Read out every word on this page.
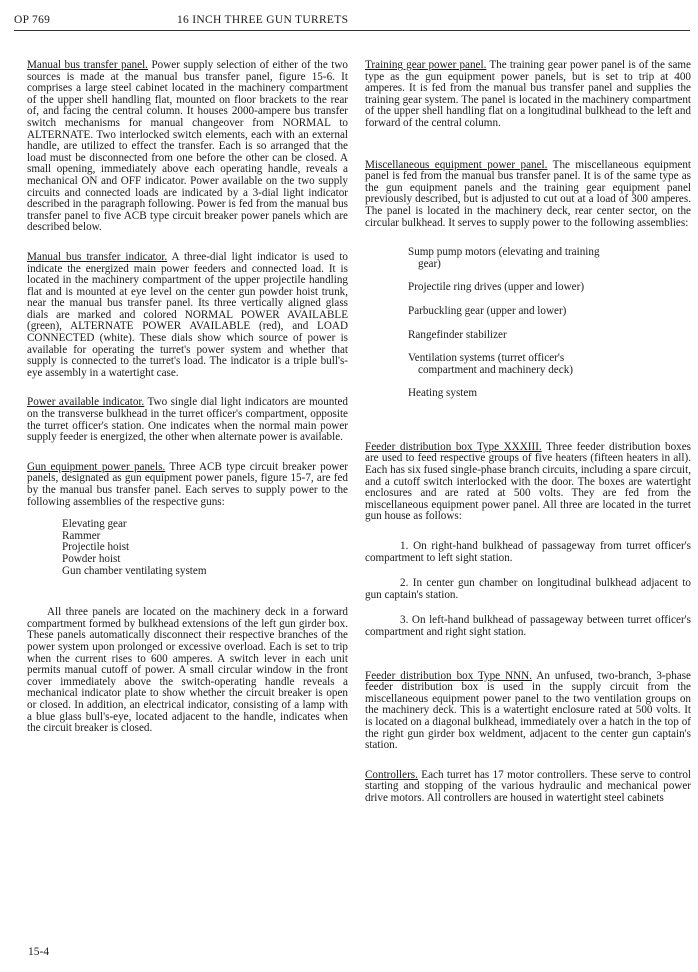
OP 769	16 INCH THREE GUN TURRETS

Manual bus transfer panel. Power supply selection of either of the two sources is made at the manual bus transfer panel, figure 15-6. It comprises a large steel cabinet located in the machinery compartment of the upper shell handling flat, mounted on floor brackets to the rear of, and facing the central column. It houses 2000-ampere bus transfer switch mechanisms for manual changeover from NORMAL to ALTERNATE. Two interlocked switch elements, each with an external handle, are utilized to effect the transfer. Each is so arranged that the load must be disconnected from one before the other can be closed. A small opening, immediately above each operating handle, reveals a mechanical ON and OFF indicator. Power available on the two supply circuits and connected loads are indicated by a 3-dial light indicator described in the paragraph following. Power is fed from the manual bus transfer panel to five ACB type circuit breaker power panels which are described below.

Manual bus transfer indicator. A three-dial light indicator is used to indicate the energized main power feeders and connected load. It is located in the machinery compartment of the upper projectile handling flat and is mounted at eye level on the center gun powder hoist trunk, near the manual bus transfer panel. Its three vertically aligned glass dials are marked and colored NORMAL POWER AVAILABLE (green), ALTERNATE POWER AVAILABLE (red), and LOAD CONNECTED (white). These dials show which source of power is available for operating the turret's power system and whether that supply is connected to the turret's load. The indicator is a triple bull's-eye assembly in a watertight case.

Power available indicator. Two single dial light indicators are mounted on the transverse bulkhead in the turret officer's compartment, opposite the turret officer's station. One indicates when the normal main power supply feeder is energized, the other when alternate power is available.

Gun equipment power panels. Three ACB type circuit breaker power panels, designated as gun equipment power panels, figure 15-7, are fed by the manual bus transfer panel. Each serves to supply power to the following assemblies of the respective guns:

Elevating gear
Rammer
Projectile hoist
Powder hoist
Gun chamber ventilating system

All three panels are located on the machinery deck in a forward compartment formed by bulkhead extensions of the left gun girder box. These panels automatically disconnect their respective branches of the power system upon prolonged or excessive overload. Each is set to trip when the current rises to 600 amperes. A switch lever in each unit permits manual cutoff of power. A small circular window in the front cover immediately above the switch-operating handle reveals a mechanical indicator plate to show whether the circuit breaker is open or closed. In addition, an electrical indicator, consisting of a lamp with a blue glass bull's-eye, located adjacent to the handle, indicates when the circuit breaker is closed.

Training gear power panel. The training gear power panel is of the same type as the gun equipment power panels, but is set to trip at 400 amperes. It is fed from the manual bus transfer panel and supplies the training gear system. The panel is located in the machinery compartment of the upper shell handling flat on a longitudinal bulkhead to the left and forward of the central column.

Miscellaneous equipment power panel. The miscellaneous equipment panel is fed from the manual bus transfer panel. It is of the same type as the gun equipment panels and the training gear equipment panel previously described, but is adjusted to cut out at a load of 300 amperes. The panel is located in the machinery deck, rear center sector, on the circular bulkhead. It serves to supply power to the following assemblies:

Sump pump motors (elevating and training
gear)
Projectile ring drives (upper and lower)
Parbuckling gear (upper and lower)
Rangefinder stabilizer
Ventilation systems (turret officer's
compartment and machinery deck)
Heating system

Feeder distribution box Type XXXIII. Three feeder distribution boxes are used to feed respective groups of five heaters (fifteen heaters in all). Each has six fused single-phase branch circuits, including a spare circuit, and a cutoff switch interlocked with the door. The boxes are watertight enclosures and are rated at 500 volts. They are fed from the miscellaneous equipment power panel. All three are located in the turret gun house as follows:

1. On right-hand bulkhead of passageway from turret officer's compartment to left sight station.

2. In center gun chamber on longitudinal bulkhead adjacent to gun captain's station.

3. On left-hand bulkhead of passageway between turret officer's compartment and right sight station.

Feeder distribution box Type NNN. An unfused, two-branch, 3-phase feeder distribution box is used in the supply circuit from the miscellaneous equipment power panel to the two ventilation groups on the machinery deck. This is a watertight enclosure rated at 500 volts. It is located on a diagonal bulkhead, immediately over a hatch in the top of the right gun girder box weldment, adjacent to the center gun captain's station.

Controllers. Each turret has 17 motor controllers. These serve to control starting and stopping of the various hydraulic and mechanical power drive motors. All controllers are housed in watertight steel cabinets

15-4
